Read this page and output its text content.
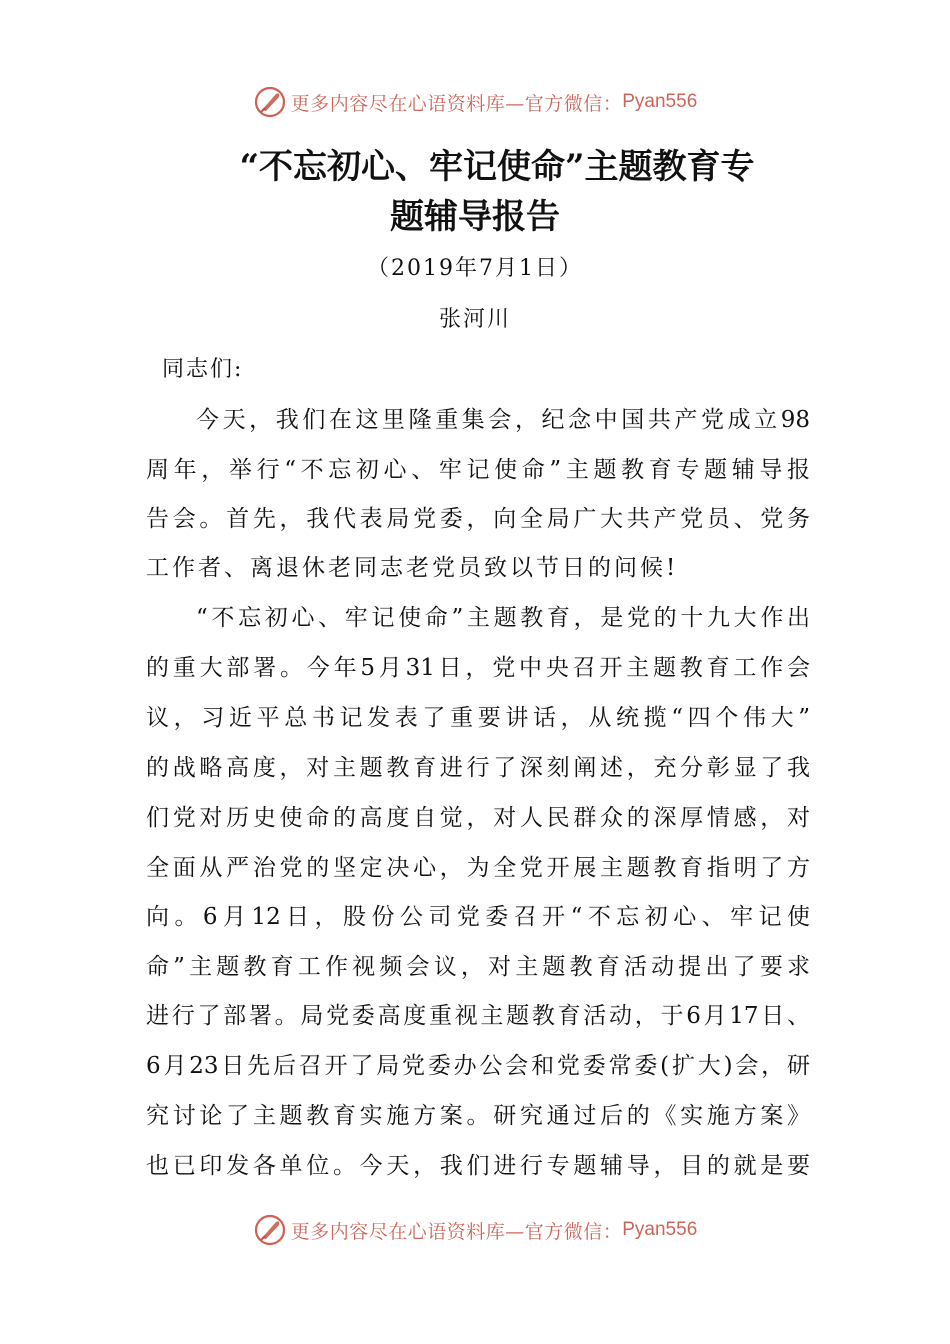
更多内容尽在心语资料库—官方微信： Pyan556
“不忘初心、牢记使命”主题教育专
题辅导报告
（2019年7月1日）
张河川
同志们:
今天，我们在这里隆重集会，纪念中国共产党成立98
周年，举行“不忘初心、牢记使命”主题教育专题辅导报
告会。首先，我代表局党委，向全局广大共产党员、党务
工作者、离退休老同志老党员致以节日的问候!
“不忘初心、牢记使命”主题教育，是党的十九大作出
的重大部署。今年5月31日，党中央召开主题教育工作会
议，习近平总书记发表了重要讲话，从统揽“四个伟大”
的战略高度，对主题教育进行了深刻阐述，充分彰显了我
们党对历史使命的高度自觉，对人民群众的深厚情感，对
全面从严治党的坚定决心，为全党开展主题教育指明了方
向。6月12日，股份公司党委召开“不忘初心、牢记使
命”主题教育工作视频会议，对主题教育活动提出了要求
进行了部署。局党委高度重视主题教育活动，于6月17日、
6月23日先后召开了局党委办公会和党委常委(扩大)会，研
究讨论了主题教育实施方案。研究通过后的《实施方案》
也已印发各单位。今天，我们进行专题辅导，目的就是要
更多内容尽在心语资料库—官方微信： Pyan556
